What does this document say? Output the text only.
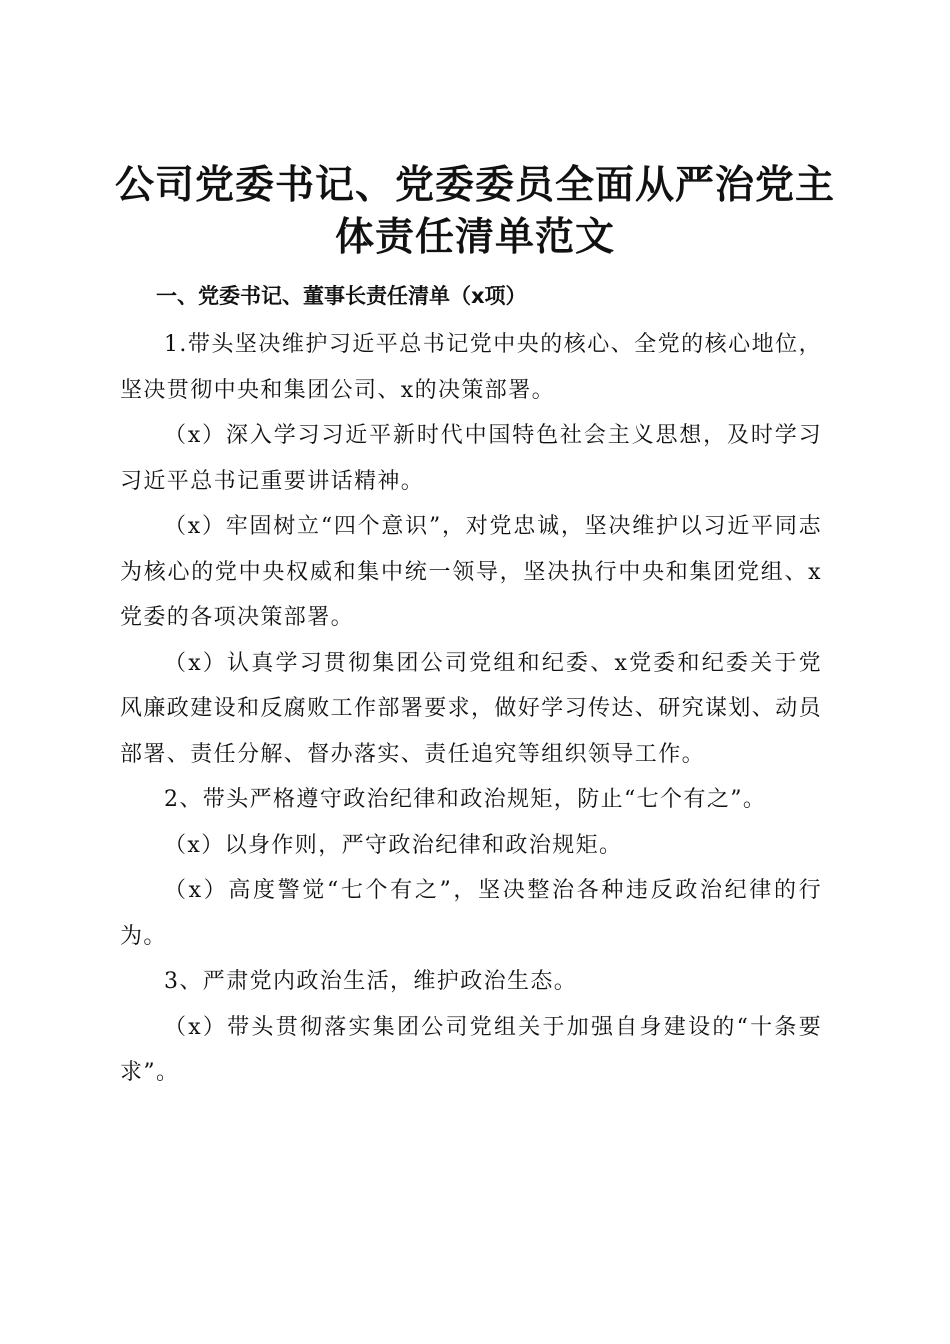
公司党委书记、党委委员全面从严治党主体责任清单范文
一、党委书记、董事长责任清单（x项）

1.带头坚决维护习近平总书记党中央的核心、全党的核心地位，坚决贯彻中央和集团公司、x的决策部署。

（x）深入学习习近平新时代中国特色社会主义思想，及时学习习近平总书记重要讲话精神。

（x）牢固树立“四个意识”，对党忠诚，坚决维护以习近平同志为核心的党中央权威和集中统一领导，坚决执行中央和集团党组、x党委的各项决策部署。

（x）认真学习贯彻集团公司党组和纪委、x党委和纪委关于党风廉政建设和反腐败工作部署要求，做好学习传达、研究谋划、动员部署、责任分解、督办落实、责任追究等组织领导工作。

2、带头严格遵守政治纪律和政治规矩，防止“七个有之”。

（x）以身作则，严守政治纪律和政治规矩。

（x）高度警觉“七个有之”，坚决整治各种违反政治纪律的行为。

3、严肃党内政治生活，维护政治生态。

（x）带头贯彻落实集团公司党组关于加强自身建设的“十条要求”。
